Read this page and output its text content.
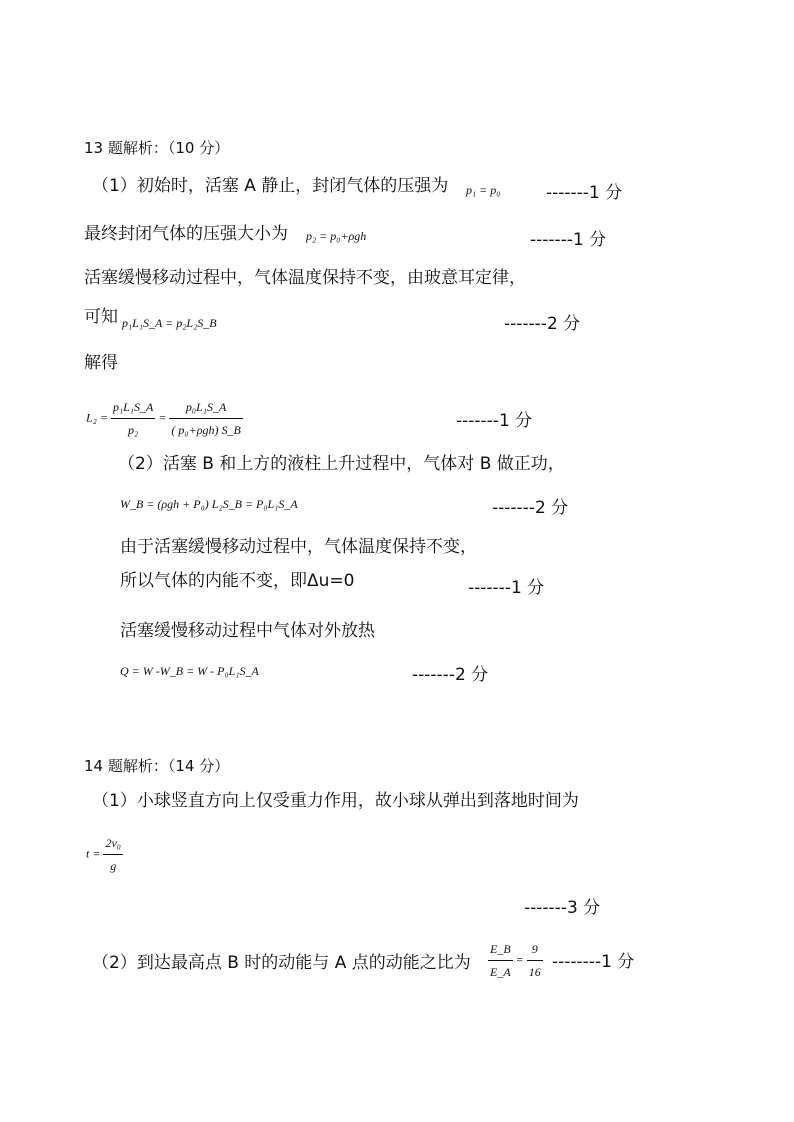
13 题解析：（10 分）
（1）初始时，活塞 A 静止，封闭气体的压强为 p₁ = p₀	-------1 分
最终封闭气体的压强大小为 p₂ = p₀+ρgh	-------1 分
活塞缓慢移动过程中，气体温度保持不变，由玻意耳定律，
可知 p₁L₁S_A = p₂L₂S_B	-------2 分
解得
$L_2 = \frac{\text{p₁L₁S\_A}}{\text{p₂}} = \frac{\text{p₀L₁S\_A}}{\text{( p₀+ρgh) S\_B}}$	-------1 分
（2）活塞 B 和上方的液柱上升过程中，气体对 B 做正功，
W_B = (ρgh + P₀) L₂S_B = P₀L₁S_A	-------2 分
由于活塞缓慢移动过程中，气体温度保持不变，
所以气体的内能不变，即Δu=0	-------1 分
活塞缓慢移动过程中气体对外放热
Q = W -W_B = W - P₀L₁S_A	-------2 分
14 题解析：（14 分）
（1）小球竖直方向上仅受重力作用，故小球从弹出到落地时间为
$t = \frac{\text{2v₀}}{g}$
-------3 分
（2）到达最高点 B 时的动能与 A 点的动能之比为 $\frac{E\_B}{E\_A} = \frac{9}{16} --------1$ 分
